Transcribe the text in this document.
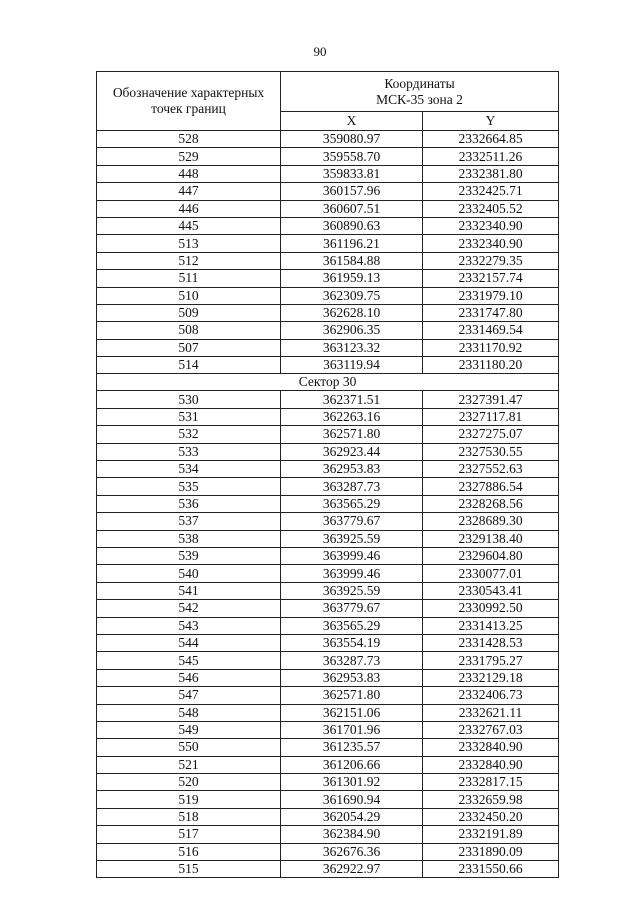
90
Обозначение характерных точек границ	Координаты
МСК-35 зона 2	

	X	Y
528	359080.97	2332664.85
529	359558.70	2332511.26
448	359833.81	2332381.80
447	360157.96	2332425.71
446	360607.51	2332405.52
445	360890.63	2332340.90
513	361196.21	2332340.90
512	361584.88	2332279.35
511	361959.13	2332157.74
510	362309.75	2331979.10
509	362628.10	2331747.80
508	362906.35	2331469.54
507	363123.32	2331170.92
514	363119.94	2331180.20
Сектор 30		
530	362371.51	2327391.47
531	362263.16	2327117.81
532	362571.80	2327275.07
533	362923.44	2327530.55
534	362953.83	2327552.63
535	363287.73	2327886.54
536	363565.29	2328268.56
537	363779.67	2328689.30
538	363925.59	2329138.40
539	363999.46	2329604.80
540	363999.46	2330077.01
541	363925.59	2330543.41
542	363779.67	2330992.50
543	363565.29	2331413.25
544	363554.19	2331428.53
545	363287.73	2331795.27
546	362953.83	2332129.18
547	362571.80	2332406.73
548	362151.06	2332621.11
549	361701.96	2332767.03
550	361235.57	2332840.90
521	361206.66	2332840.90
520	361301.92	2332817.15
519	361690.94	2332659.98
518	362054.29	2332450.20
517	362384.90	2332191.89
516	362676.36	2331890.09
515	362922.97	2331550.66
